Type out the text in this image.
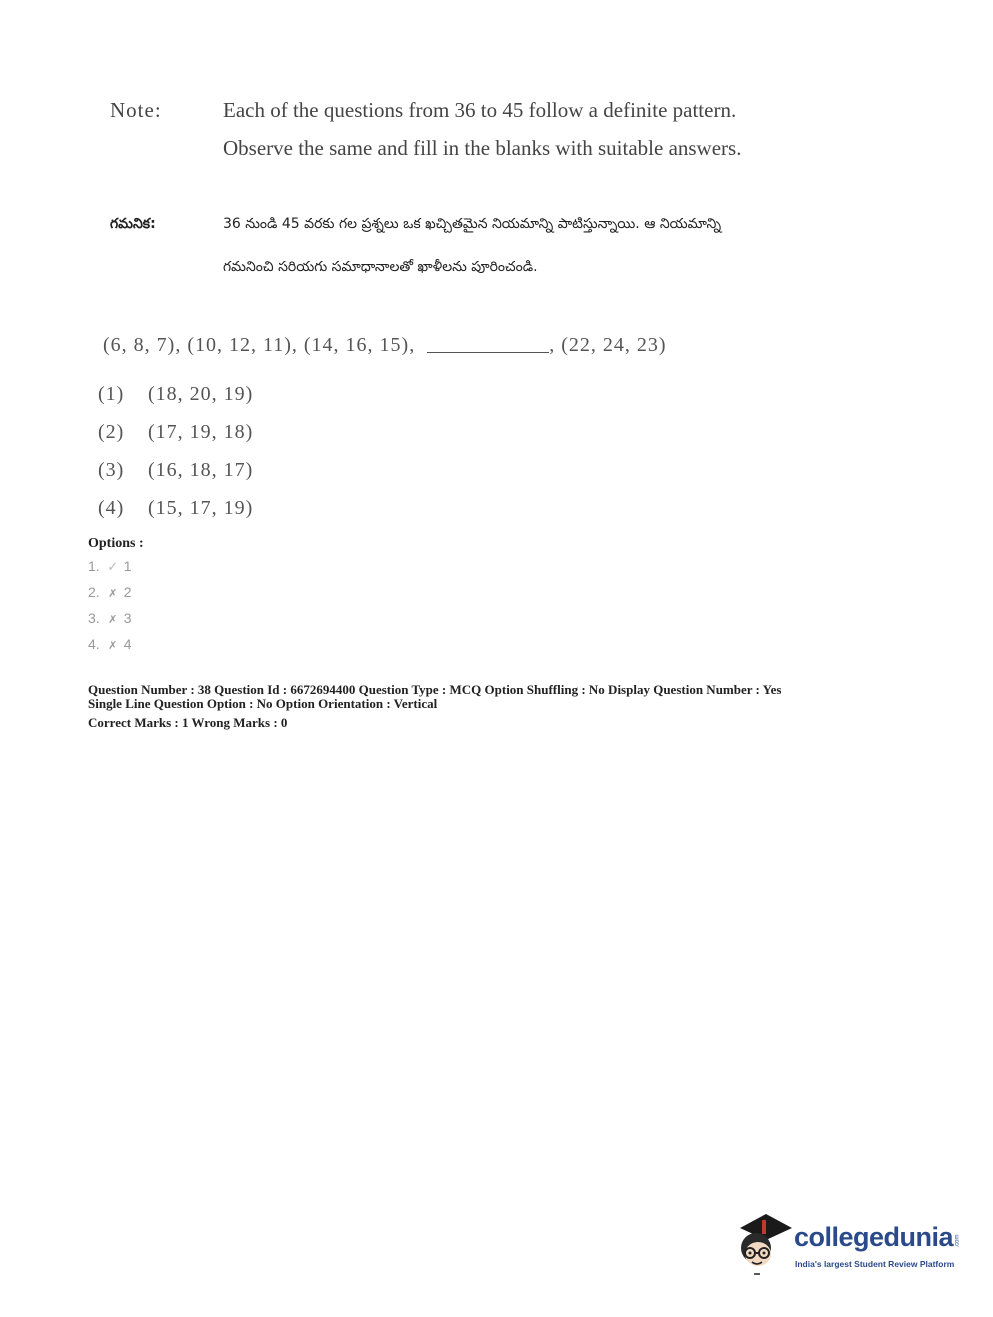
Note:	Each of the questions from 36 to 45 follow a definite pattern.
Observe the same and fill in the blanks with suitable answers.
గమనిక:	36 నుండి 45 వరకు గల ప్రశ్నలు ఒక ఖచ్చితమైన నియమాన్ని పాటిస్తున్నాయి. ఆ నియమాన్ని
గమనించి సరియగు సమాధానాలతో ఖాళీలను పూరించండి.
(6, 8, 7), (10, 12, 11), (14, 16, 15),	, (22, 24, 23)
(1) (18, 20, 19)
(2) (17, 19, 18)
(3) (16, 18, 17)
(4) (15, 17, 19)
Options :
1. ✓ 1
2. ✗ 2
3. ✗ 3
4. ✗ 4
Question Number : 38 Question Id : 6672694400 Question Type : MCQ Option Shuffling : No Display Question Number : Yes
Single Line Question Option : No Option Orientation : Vertical
Correct Marks : 1 Wrong Marks : 0
collegedunia .com
India's largest Student Review Platform
